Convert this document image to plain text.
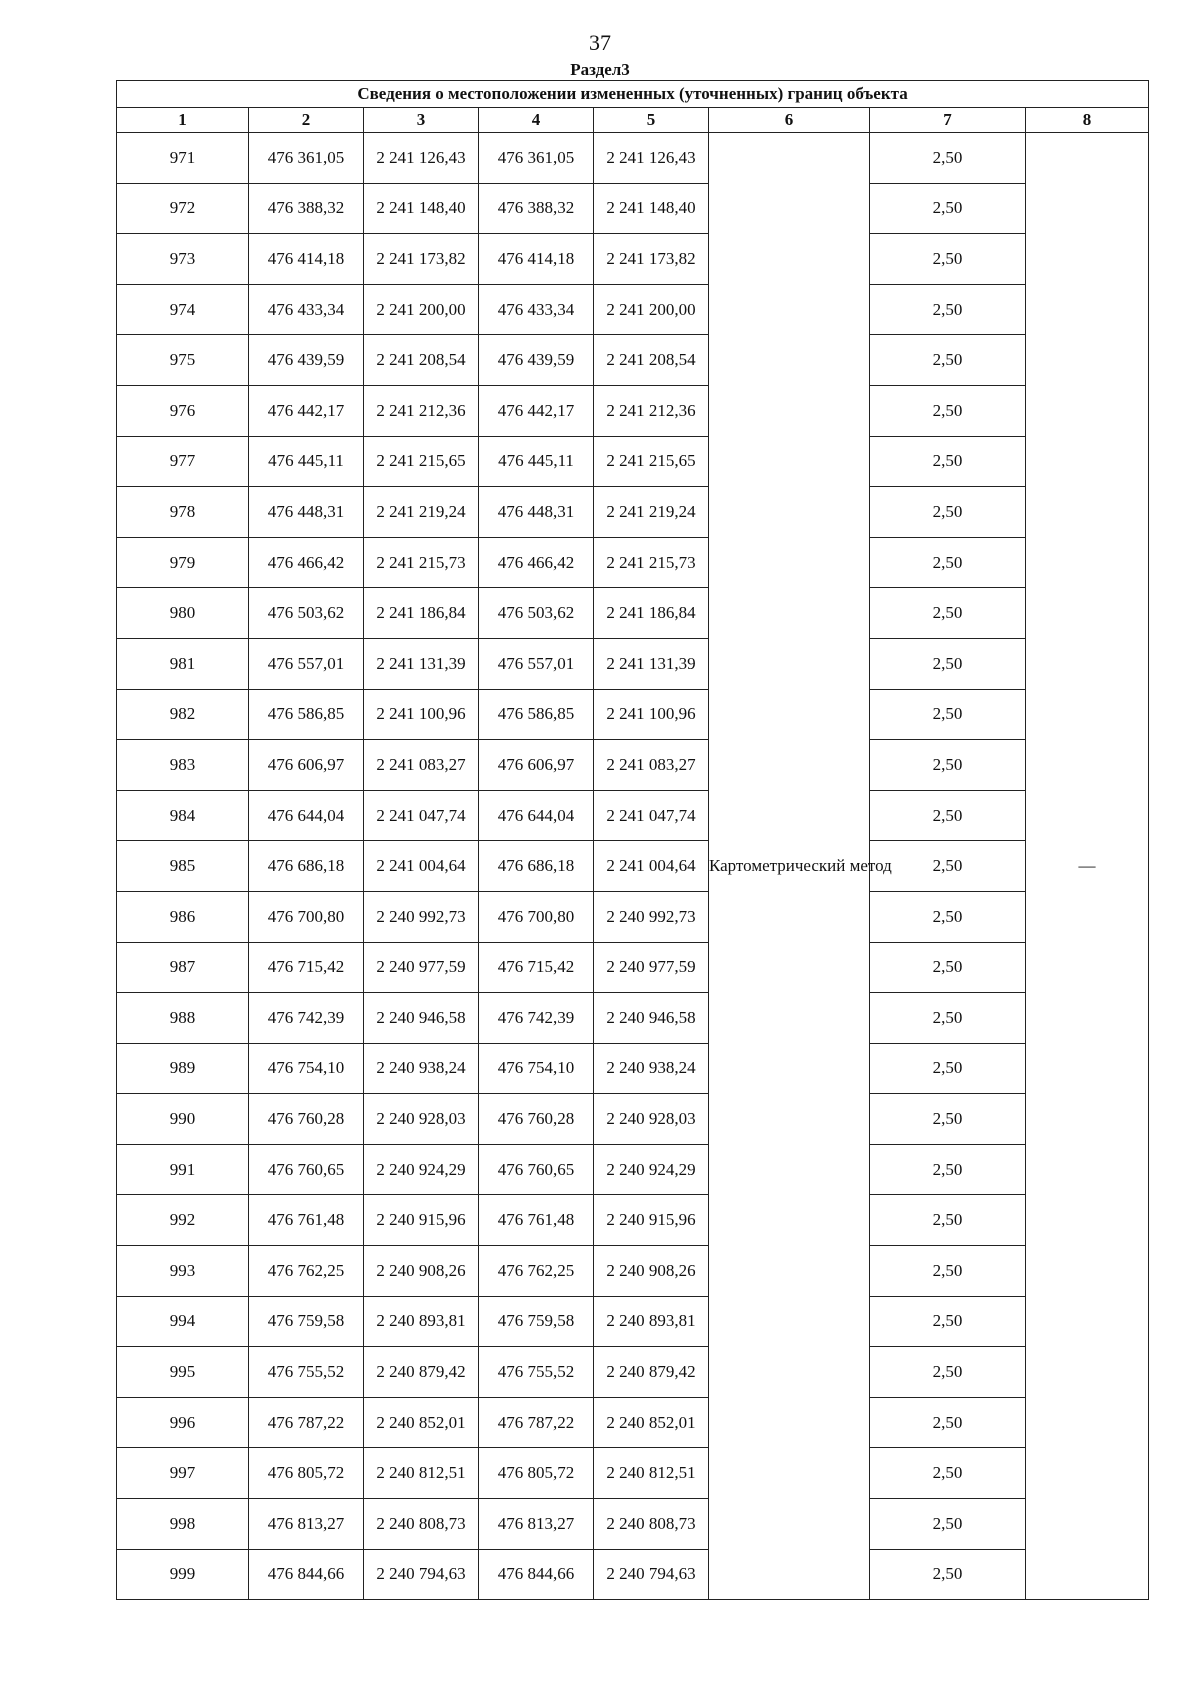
37
Раздел3
Сведения о местоположении измененных (уточненных) границ объекта							
1	2	3	4	5	6	7	8
971	476 361,05	2 241 126,43	476 361,05	2 241 126,43	Картометрический метод	2,50	—
972	476 388,32	2 241 148,40	476 388,32	2 241 148,40		2,50	
973	476 414,18	2 241 173,82	476 414,18	2 241 173,82		2,50	
974	476 433,34	2 241 200,00	476 433,34	2 241 200,00		2,50	
975	476 439,59	2 241 208,54	476 439,59	2 241 208,54		2,50	
976	476 442,17	2 241 212,36	476 442,17	2 241 212,36		2,50	
977	476 445,11	2 241 215,65	476 445,11	2 241 215,65		2,50	
978	476 448,31	2 241 219,24	476 448,31	2 241 219,24		2,50	
979	476 466,42	2 241 215,73	476 466,42	2 241 215,73		2,50	
980	476 503,62	2 241 186,84	476 503,62	2 241 186,84		2,50	
981	476 557,01	2 241 131,39	476 557,01	2 241 131,39		2,50	
982	476 586,85	2 241 100,96	476 586,85	2 241 100,96		2,50	
983	476 606,97	2 241 083,27	476 606,97	2 241 083,27		2,50	
984	476 644,04	2 241 047,74	476 644,04	2 241 047,74		2,50	
985	476 686,18	2 241 004,64	476 686,18	2 241 004,64		2,50	
986	476 700,80	2 240 992,73	476 700,80	2 240 992,73		2,50	
987	476 715,42	2 240 977,59	476 715,42	2 240 977,59		2,50	
988	476 742,39	2 240 946,58	476 742,39	2 240 946,58		2,50	
989	476 754,10	2 240 938,24	476 754,10	2 240 938,24		2,50	
990	476 760,28	2 240 928,03	476 760,28	2 240 928,03		2,50	
991	476 760,65	2 240 924,29	476 760,65	2 240 924,29		2,50	
992	476 761,48	2 240 915,96	476 761,48	2 240 915,96		2,50	
993	476 762,25	2 240 908,26	476 762,25	2 240 908,26		2,50	
994	476 759,58	2 240 893,81	476 759,58	2 240 893,81		2,50	
995	476 755,52	2 240 879,42	476 755,52	2 240 879,42		2,50	
996	476 787,22	2 240 852,01	476 787,22	2 240 852,01		2,50	
997	476 805,72	2 240 812,51	476 805,72	2 240 812,51		2,50	
998	476 813,27	2 240 808,73	476 813,27	2 240 808,73		2,50	
999	476 844,66	2 240 794,63	476 844,66	2 240 794,63		2,50	
